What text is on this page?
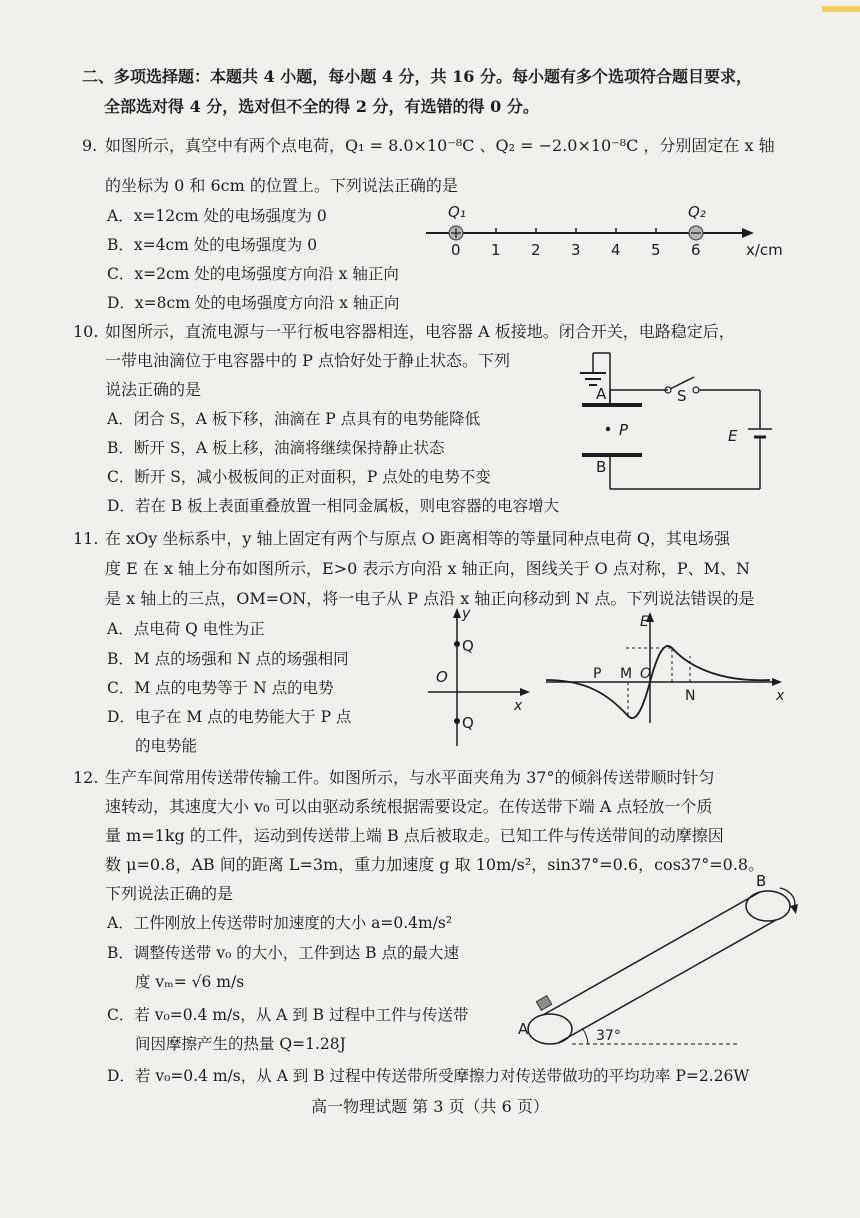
二、多项选择题：本题共 4 小题，每小题 4 分，共 16 分。每小题有多个选项符合题目要求，
全部选对得 4 分，选对但不全的得 2 分，有选错的得 0 分。
9. 如图所示，真空中有两个点电荷，Q₁ = 8.0×10⁻⁸C 、Q₂ = −2.0×10⁻⁸C ，分别固定在 x 轴
的坐标为 0 和 6cm 的位置上。下列说法正确的是
A．x=12cm 处的电场强度为 0
B．x=4cm 处的电场强度为 0
C．x=2cm 处的电场强度方向沿 x 轴正向
D．x=8cm 处的电场强度方向沿 x 轴正向
Q₁	Q₂
0 1 2 3 4 5 6	x/cm
10. 如图所示，直流电源与一平行板电容器相连，电容器 A 板接地。闭合开关，电路稳定后，
一带电油滴位于电容器中的 P 点恰好处于静止状态。下列
说法正确的是
A．闭合 S，A 板下移，油滴在 P 点具有的电势能降低
B．断开 S，A 板上移，油滴将继续保持静止状态
C．断开 S，减小极板间的正对面积，P 点处的电势不变
D．若在 B 板上表面重叠放置一相同金属板，则电容器的电容增大
A
B
P
S
E
11. 在 xOy 坐标系中，y 轴上固定有两个与原点 O 距离相等的等量同种点电荷 Q，其电场强
度 E 在 x 轴上分布如图所示，E>0 表示方向沿 x 轴正向，图线关于 O 点对称，P、M、N
是 x 轴上的三点，OM=ON，将一电子从 P 点沿 x 轴正向移动到 N 点。下列说法错误的是
A．点电荷 Q 电性为正
B．M 点的场强和 N 点的场强相同
C．M 点的电势等于 N 点的电势
D．电子在 M 点的电势能大于 P 点
的电势能
y
O
Q
Q
x
E
P M O
N	x
12. 生产车间常用传送带传输工件。如图所示，与水平面夹角为 37°的倾斜传送带顺时针匀
速转动，其速度大小 v₀ 可以由驱动系统根据需要设定。在传送带下端 A 点轻放一个质
量 m=1kg 的工件，运动到传送带上端 B 点后被取走。已知工件与传送带间的动摩擦因
数 μ=0.8，AB 间的距离 L=3m，重力加速度 g 取 10m/s²，sin37°=0.6，cos37°=0.8。
下列说法正确的是
A．工件刚放上传送带时加速度的大小 a=0.4m/s²
B．调整传送带 v₀ 的大小，工件到达 B 点的最大速
度 vₘ= √6 m/s
C．若 v₀=0.4 m/s，从 A 到 B 过程中工件与传送带
间因摩擦产生的热量 Q=1.28J
D．若 v₀=0.4 m/s，从 A 到 B 过程中传送带所受摩擦力对传送带做功的平均功率 P=2.26W
37°
A
B
高一物理试题 第 3 页（共 6 页）
